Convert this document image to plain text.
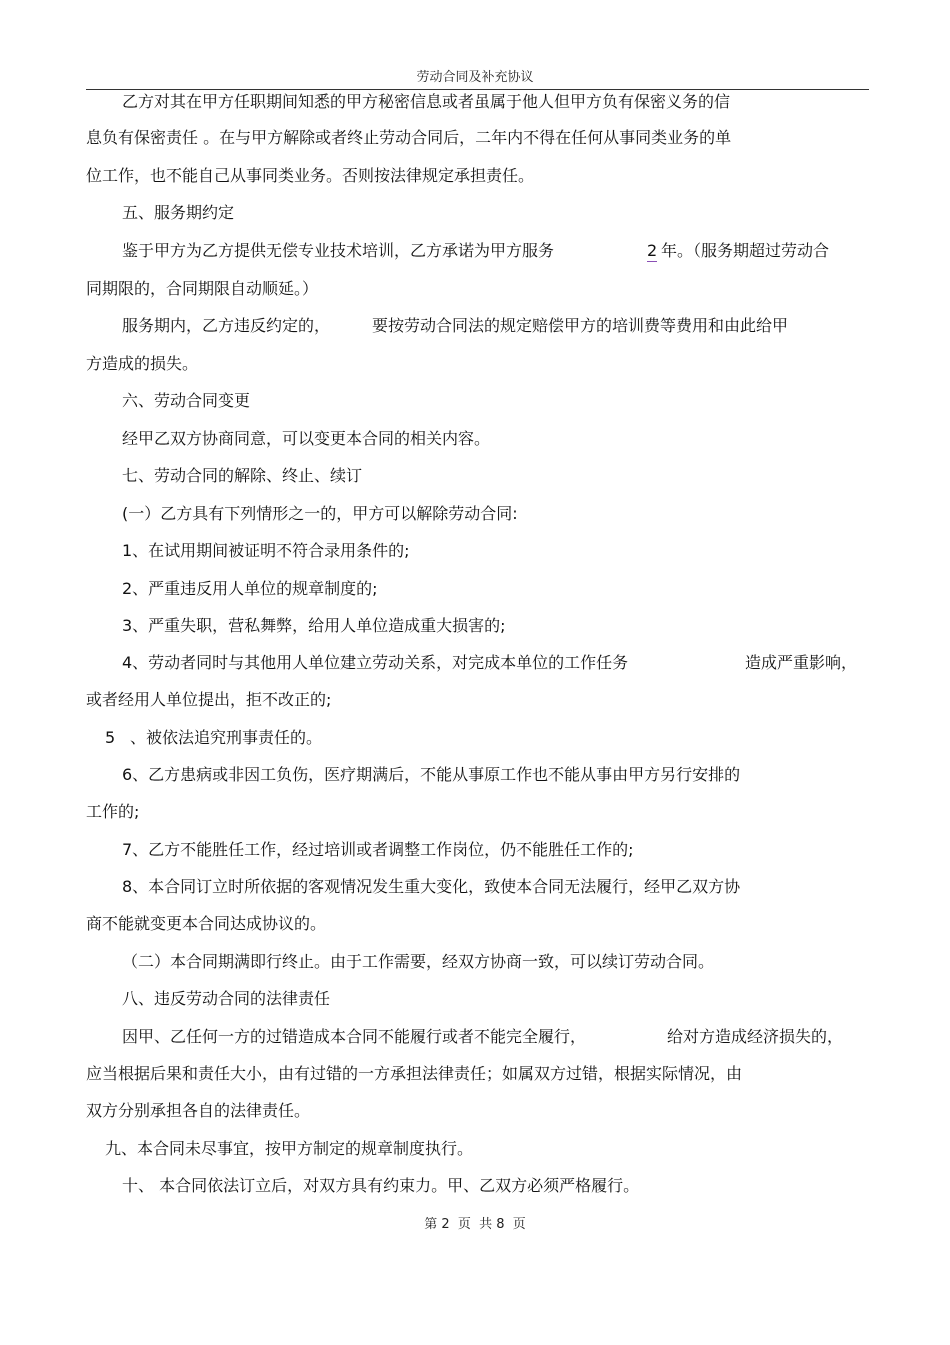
劳动合同及补充协议
乙方对其在甲方任职期间知悉的甲方秘密信息或者虽属于他人但甲方负有保密义务的信
息负有保密责任 。在与甲方解除或者终止劳动合同后，二年内不得在任何从事同类业务的单
位工作，也不能自己从事同类业务。否则按法律规定承担责任。
五、服务期约定
鉴于甲方为乙方提供无偿专业技术培训，乙方承诺为甲方服务	2 年。（服务期超过劳动合
同期限的，合同期限自动顺延。）
服务期内，乙方违反约定的，	要按劳动合同法的规定赔偿甲方的培训费等费用和由此给甲
方造成的损失。
六、劳动合同变更
经甲乙双方协商同意，可以变更本合同的相关内容。
七、劳动合同的解除、终止、续订
(一）乙方具有下列情形之一的，甲方可以解除劳动合同:
1、在试用期间被证明不符合录用条件的;
2、严重违反用人单位的规章制度的;
3、严重失职，营私舞弊，给用人单位造成重大损害的;
4、劳动者同时与其他用人单位建立劳动关系，对完成本单位的工作任务	造成严重影响，
或者经用人单位提出，拒不改正的;
5 、被依法追究刑事责任的。
6、乙方患病或非因工负伤，医疗期满后，不能从事原工作也不能从事由甲方另行安排的
工作的;
7、乙方不能胜任工作，经过培训或者调整工作岗位，仍不能胜任工作的;
8、本合同订立时所依据的客观情况发生重大变化，致使本合同无法履行，经甲乙双方协
商不能就变更本合同达成协议的。
（二）本合同期满即行终止。由于工作需要，经双方协商一致，可以续订劳动合同。
八、违反劳动合同的法律责任
因甲、乙任何一方的过错造成本合同不能履行或者不能完全履行，	给对方造成经济损失的，
应当根据后果和责任大小，由有过错的一方承担法律责任；如属双方过错，根据实际情况，由
双方分别承担各自的法律责任。
九、本合同未尽事宜，按甲方制定的规章制度执行。
十、 本合同依法订立后，对双方具有约束力。甲、乙双方必须严格履行。
第 2  页  共 8  页
